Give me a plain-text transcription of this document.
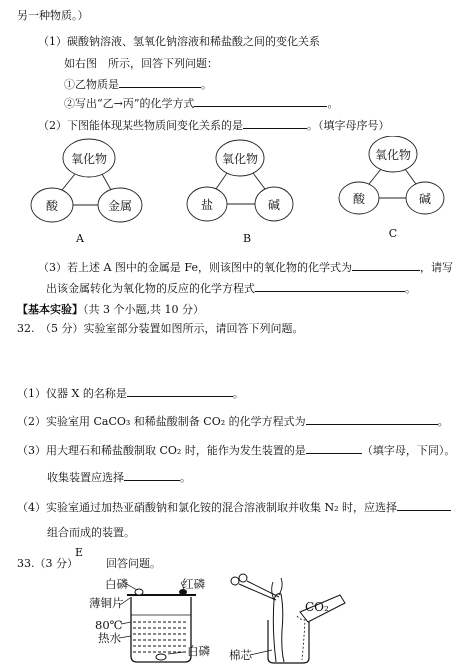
另一种物质。）
（1）碳酸钠溶液、氢氧化钠溶液和稀盐酸之间的变化关系
如右图　所示，回答下列问题：
①乙物质是	。
②写出“乙→丙”的化学方式	。
（2）下图能体现某些物质间变化关系的是	。（填字母序号）
氧化物
酸	金属
A
氧化物
盐	碱
B
氧化物
酸	碱
C
（3）若上述 A 图中的金属是 Fe，则该图中的氧化物的化学式为	，请写
出该金属转化为氧化物的反应的化学方程式	。
【基本实验】（共 3 个小题,共 10 分）
32.　（5 分）实验室部分装置如图所示，请回答下列问题。
（1）仪器 X 的名称是	。
（2）实验室用 CaCO₃ 和稀盐酸制备 CO₂ 的化学方程式为	。
（3）用大理石和稀盐酸制取 CO₂ 时，能作为发生装置的是	（填字母，下同）。
收集装置应选择	。
（4）实验室通过加热亚硝酸钠和氯化铵的混合溶液制取并收集 N₂ 时，应选择
组合而成的装置。
E
33.（3 分）	回答问题。
白磷	红磷
薄铜片
80℃
热水
白磷 棉芯
CO₂
